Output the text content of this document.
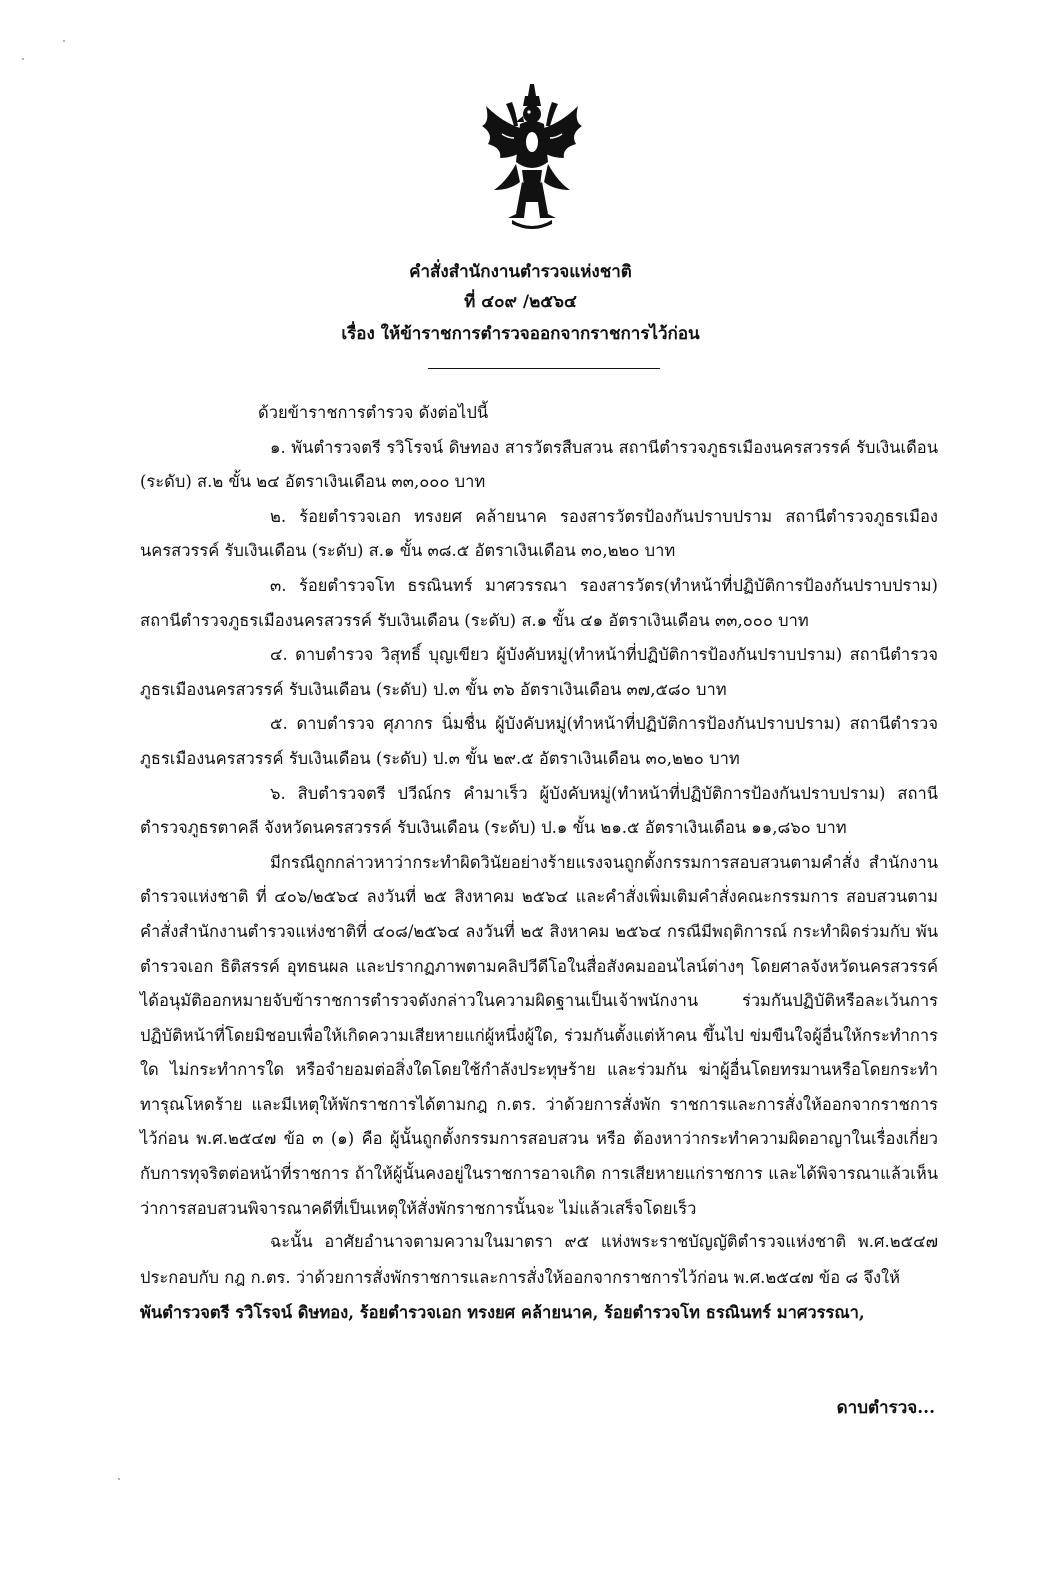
คำสั่งสำนักงานตำรวจแห่งชาติ
ที่ ๔๐๙ /๒๕๖๔
เรื่อง ให้ข้าราชการตำรวจออกจากราชการไว้ก่อน

ด้วยข้าราชการตำรวจ ดังต่อไปนี้

๑. พันตำรวจตรี รวิโรจน์ ดิษทอง สารวัตรสืบสวน สถานีตำรวจภูธรเมืองนครสวรรค์ รับเงินเดือน (ระดับ) ส.๒ ขั้น ๒๔ อัตราเงินเดือน ๓๓,๐๐๐ บาท

๒. ร้อยตำรวจเอก ทรงยศ คล้ายนาค รองสารวัตรป้องกันปราบปราม สถานีตำรวจภูธรเมือง นครสวรรค์ รับเงินเดือน (ระดับ) ส.๑ ขั้น ๓๘.๕ อัตราเงินเดือน ๓๐,๒๒๐ บาท

๓. ร้อยตำรวจโท ธรณินทร์ มาศวรรณา รองสารวัตร(ทำหน้าที่ปฏิบัติการป้องกันปราบปราม) สถานีตำรวจภูธรเมืองนครสวรรค์ รับเงินเดือน (ระดับ) ส.๑ ขั้น ๔๑ อัตราเงินเดือน ๓๓,๐๐๐ บาท

๔. ดาบตำรวจ วิสุทธิ์ บุญเขียว ผู้บังคับหมู่(ทำหน้าที่ปฏิบัติการป้องกันปราบปราม) สถานีตำรวจภูธรเมืองนครสวรรค์ รับเงินเดือน (ระดับ) ป.๓ ขั้น ๓๖ อัตราเงินเดือน ๓๗,๕๘๐ บาท

๕. ดาบตำรวจ ศุภากร นิ่มชื่น ผู้บังคับหมู่(ทำหน้าที่ปฏิบัติการป้องกันปราบปราม) สถานีตำรวจภูธรเมืองนครสวรรค์ รับเงินเดือน (ระดับ) ป.๓ ขั้น ๒๙.๕ อัตราเงินเดือน ๓๐,๒๒๐ บาท

๖. สิบตำรวจตรี ปวีณ์กร คำมาเร็ว ผู้บังคับหมู่(ทำหน้าที่ปฏิบัติการป้องกันปราบปราม) สถานี ตำรวจภูธรตาคลี จังหวัดนครสวรรค์ รับเงินเดือน (ระดับ) ป.๑ ขั้น ๒๑.๕ อัตราเงินเดือน ๑๑,๘๖๐ บาท

มีกรณีถูกกล่าวหาว่ากระทำผิดวินัยอย่างร้ายแรงจนถูกตั้งกรรมการสอบสวนตามคำสั่ง สำนักงานตำรวจแห่งชาติ ที่ ๔๐๖/๒๕๖๔ ลงวันที่ ๒๕ สิงหาคม ๒๕๖๔ และคำสั่งเพิ่มเติมคำสั่งคณะกรรมการ สอบสวนตามคำสั่งสำนักงานตำรวจแห่งชาติที่ ๔๐๘/๒๕๖๔ ลงวันที่ ๒๕ สิงหาคม ๒๕๖๔ กรณีมีพฤติการณ์ กระทำผิดร่วมกับ พันตำรวจเอก ธิติสรรค์ อุทธนผล และปรากฏภาพตามคลิปวีดีโอในสื่อสังคมออนไลน์ต่างๆ โดยศาลจังหวัดนครสวรรค์ได้อนุมัติออกหมายจับข้าราชการตำรวจดังกล่าวในความผิดฐานเป็นเจ้าพนักงาน ร่วมกันปฏิบัติหรือละเว้นการปฏิบัติหน้าที่โดยมิชอบเพื่อให้เกิดความเสียหายแก่ผู้หนึ่งผู้ใด, ร่วมกันตั้งแต่ห้าคน ขึ้นไป ข่มขืนใจผู้อื่นให้กระทำการใด ไม่กระทำการใด หรือจำยอมต่อสิ่งใดโดยใช้กำลังประทุษร้าย และร่วมกัน ฆ่าผู้อื่นโดยทรมานหรือโดยกระทำทารุณโหดร้าย และมีเหตุให้พักราชการได้ตามกฎ ก.ตร. ว่าด้วยการสั่งพัก ราชการและการสั่งให้ออกจากราชการไว้ก่อน พ.ศ.๒๕๔๗ ข้อ ๓ (๑) คือ ผู้นั้นถูกตั้งกรรมการสอบสวน หรือ ต้องหาว่ากระทำความผิดอาญาในเรื่องเกี่ยวกับการทุจริตต่อหน้าที่ราชการ ถ้าให้ผู้นั้นคงอยู่ในราชการอาจเกิด การเสียหายแก่ราชการ และได้พิจารณาแล้วเห็นว่าการสอบสวนพิจารณาคดีที่เป็นเหตุให้สั่งพักราชการนั้นจะ ไม่แล้วเสร็จโดยเร็ว

ฉะนั้น อาศัยอำนาจตามความในมาตรา ๙๕ แห่งพระราชบัญญัติตำรวจแห่งชาติ พ.ศ.๒๕๔๗ ประกอบกับ กฎ ก.ตร. ว่าด้วยการสั่งพักราชการและการสั่งให้ออกจากราชการไว้ก่อน พ.ศ.๒๕๔๗ ข้อ ๘ จึงให้

พันตำรวจตรี รวิโรจน์ ดิษทอง, ร้อยตำรวจเอก ทรงยศ คล้ายนาค, ร้อยตำรวจโท ธรณินทร์ มาศวรรณา,

ดาบตำรวจ...
